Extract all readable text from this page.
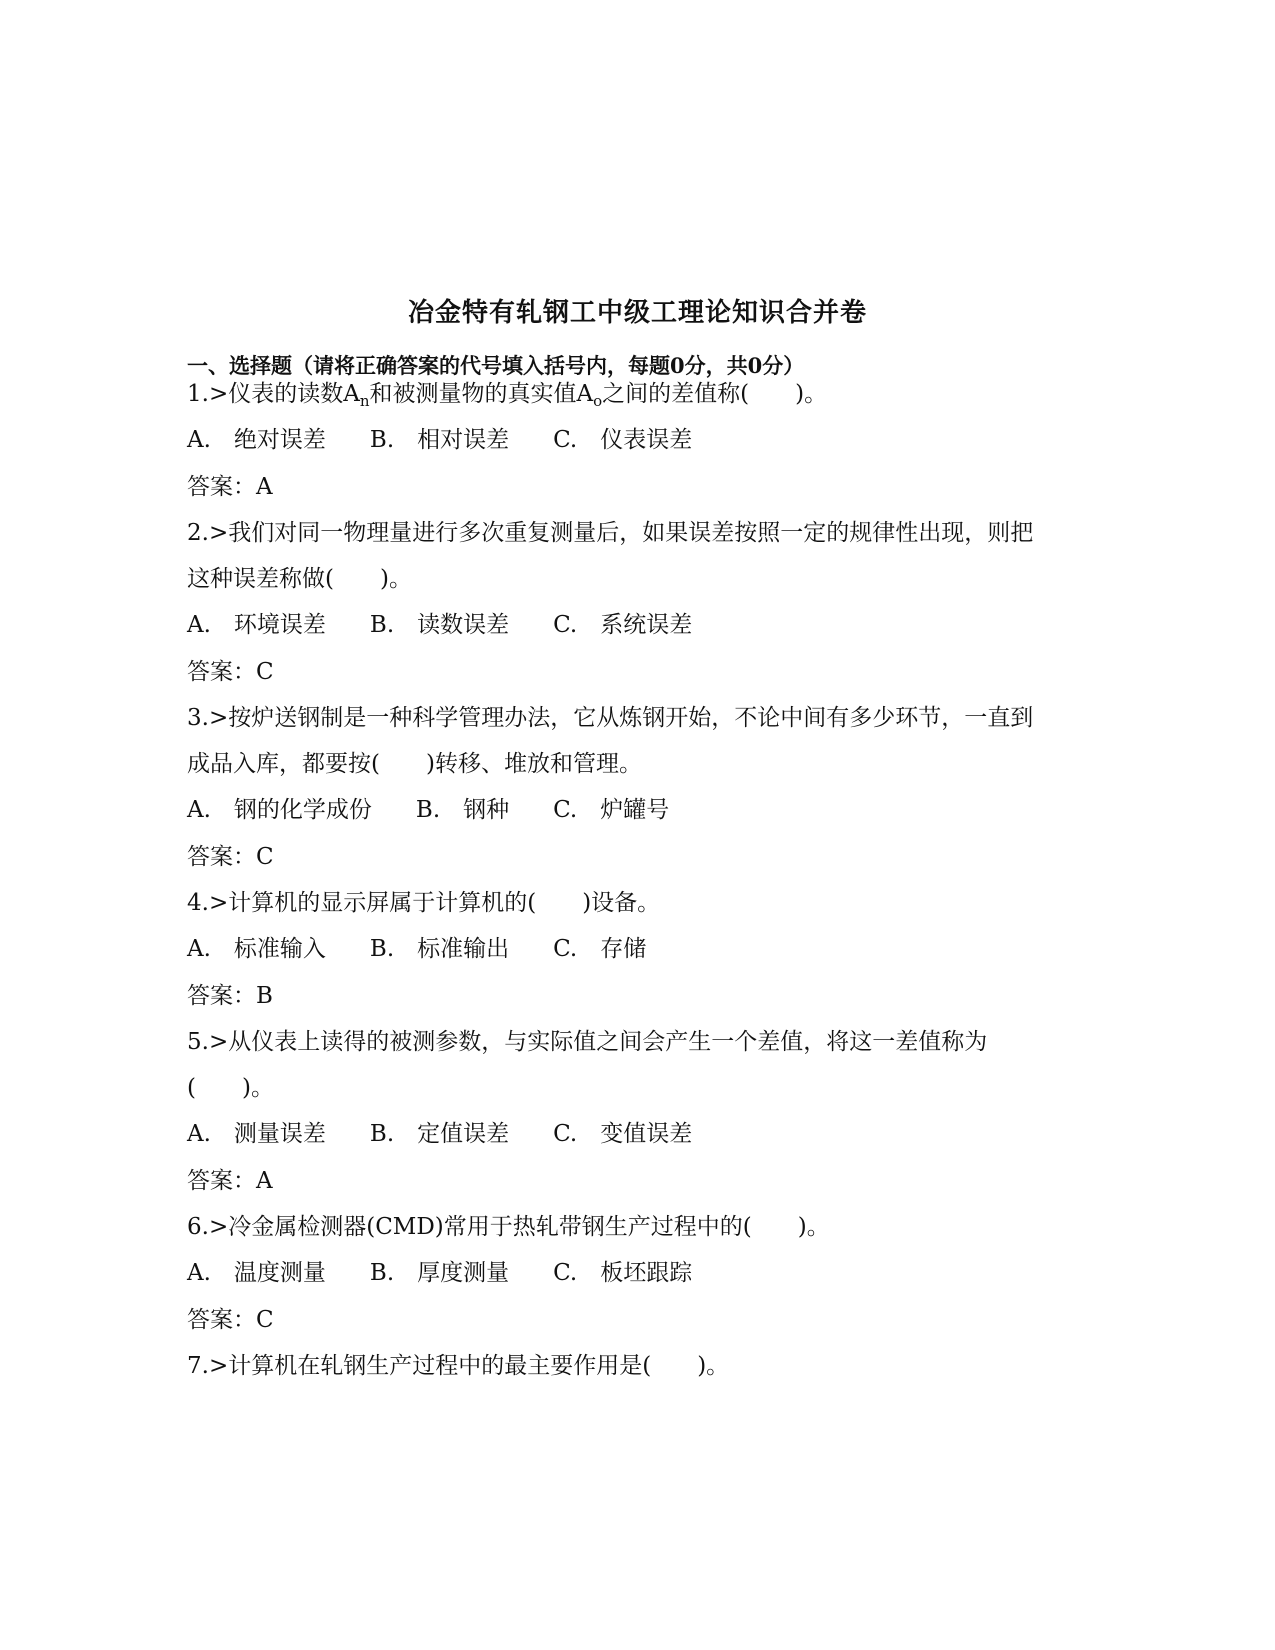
冶金特有轧钢工中级工理论知识合并卷
一、选择题（请将正确答案的代号填入括号内，每题0分，共0分）
1.>仪表的读数$A_n$和被测量物的真实值$A_o$之间的差值称(　　)。
A.　绝对误差 B.　相对误差 C.　仪表误差
答案：A
2.>我们对同一物理量进行多次重复测量后，如果误差按照一定的规律性出现，则把
这种误差称做(　　)。
A.　环境误差 B.　读数误差 C.　系统误差
答案：C
3.>按炉送钢制是一种科学管理办法，它从炼钢开始，不论中间有多少环节，一直到
成品入库，都要按(　　)转移、堆放和管理。
A.　钢的化学成份 B.　钢种 C.　炉罐号
答案：C
4.>计算机的显示屏属于计算机的(　　)设备。
A.　标准输入 B.　标准输出 C.　存储
答案：B
5.>从仪表上读得的被测参数，与实际值之间会产生一个差值，将这一差值称为
(　　)。
A.　测量误差 B.　定值误差 C.　变值误差
答案：A
6.>冷金属检测器(CMD)常用于热轧带钢生产过程中的(　　)。
A.　温度测量 B.　厚度测量 C.　板坯跟踪
答案：C
7.>计算机在轧钢生产过程中的最主要作用是(　　)。
